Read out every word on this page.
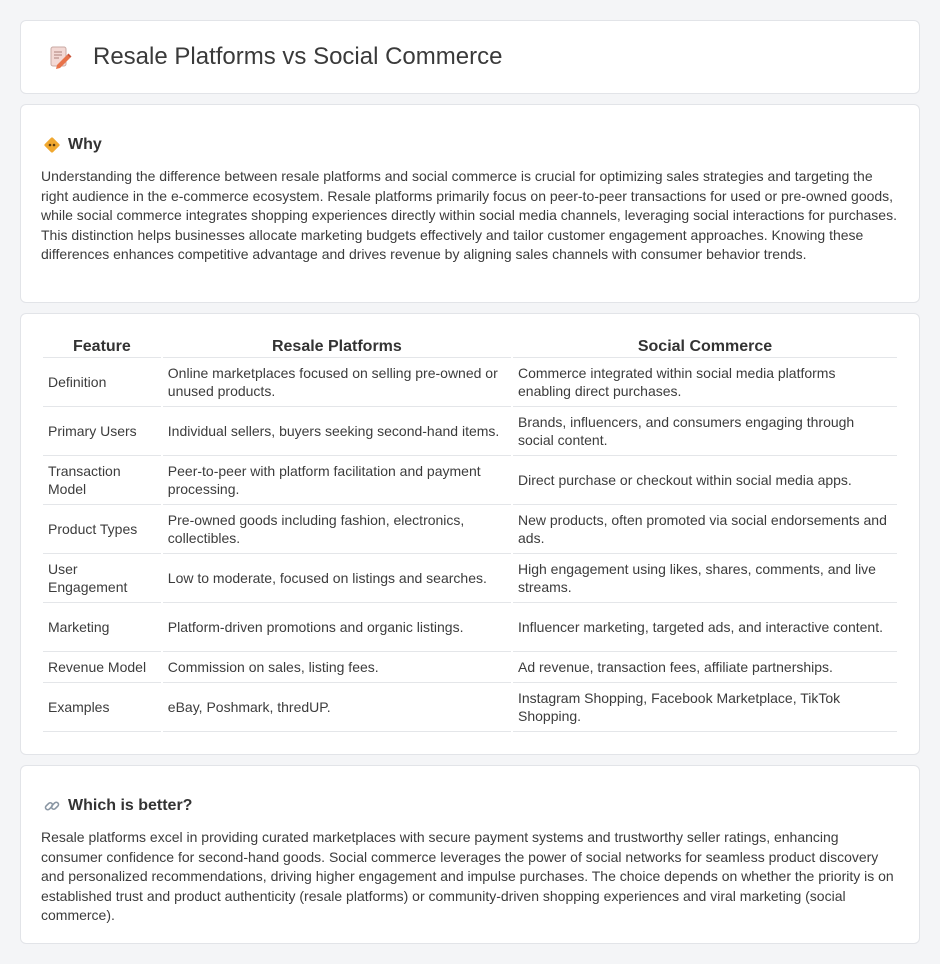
Resale Platforms vs Social Commerce
Why

Understanding the difference between resale platforms and social commerce is crucial for optimizing sales strategies and targeting the right audience in the e-commerce ecosystem. Resale platforms primarily focus on peer-to-peer transactions for used or pre-owned goods, while social commerce integrates shopping experiences directly within social media channels, leveraging social interactions for purchases. This distinction helps businesses allocate marketing budgets effectively and tailor customer engagement approaches. Knowing these differences enhances competitive advantage and drives revenue by aligning sales channels with consumer behavior trends.

Feature	Resale Platforms	Social Commerce
Definition	Online marketplaces focused on selling pre-owned or unused products.	Commerce integrated within social media platforms enabling direct purchases.
Primary Users	Individual sellers, buyers seeking second-hand items.	Brands, influencers, and consumers engaging through social content.
Transaction Model	Peer-to-peer with platform facilitation and payment processing.	Direct purchase or checkout within social media apps.
Product Types	Pre-owned goods including fashion, electronics, collectibles.	New products, often promoted via social endorsements and ads.
User Engagement	Low to moderate, focused on listings and searches.	High engagement using likes, shares, comments, and live streams.
Marketing	Platform-driven promotions and organic listings.	Influencer marketing, targeted ads, and interactive content.
Revenue Model	Commission on sales, listing fees.	Ad revenue, transaction fees, affiliate partnerships.
Examples	eBay, Poshmark, thredUP.	Instagram Shopping, Facebook Marketplace, TikTok Shopping.
Which is better?

Resale platforms excel in providing curated marketplaces with secure payment systems and trustworthy seller ratings, enhancing consumer confidence for second-hand goods. Social commerce leverages the power of social networks for seamless product discovery and personalized recommendations, driving higher engagement and impulse purchases. The choice depends on whether the priority is on established trust and product authenticity (resale platforms) or community-driven shopping experiences and viral marketing (social commerce).
